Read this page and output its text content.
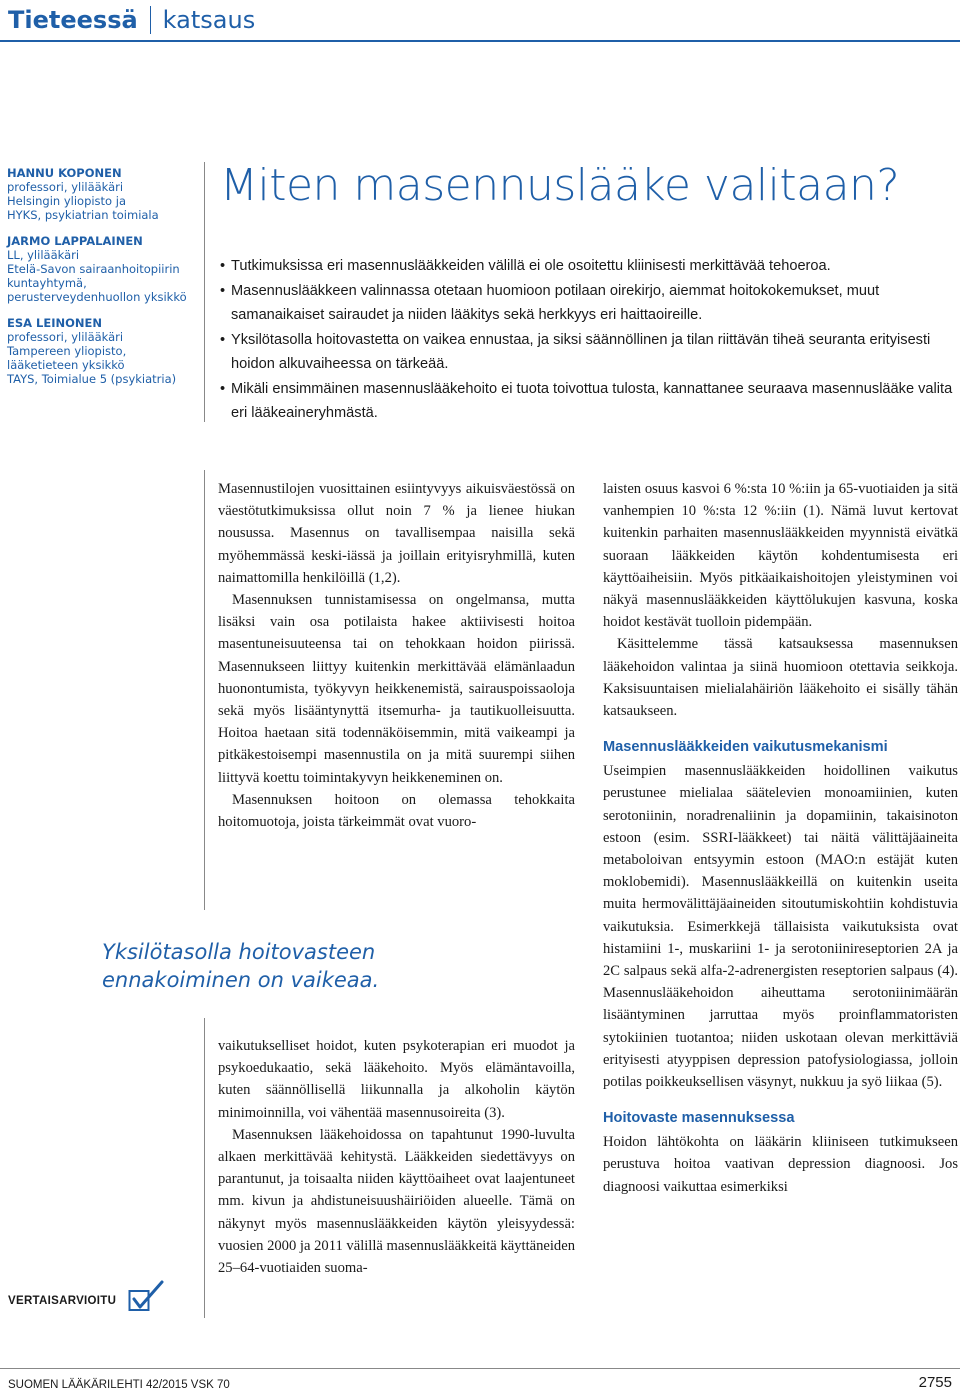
Tieteessä katsaus
HANNU KOPONEN
professori, ylilääkäri
Helsingin yliopisto ja
HYKS, psykiatrian toimiala
JARMO LAPPALAINEN
LL, ylilääkäri
Etelä-Savon sairaanhoitopiirin
kuntayhtymä,
perusterveydenhuollon yksikkö
ESA LEINONEN
professori, ylilääkäri
Tampereen yliopisto,
lääketieteen yksikkö
TAYS, Toimialue 5 (psykiatria)
Miten masennuslääke valitaan?
• Tutkimuksissa eri masennuslääkkeiden välillä ei ole osoitettu kliinisesti merkittävää tehoeroa.
• Masennuslääkkeen valinnassa otetaan huomioon potilaan oirekirjo, aiemmat hoitokokemukset, muut samanaikaiset sairaudet ja niiden lääkitys sekä herkkyys eri haittaoireille.
• Yksilötasolla hoitovastetta on vaikea ennustaa, ja siksi säännöllinen ja tilan riittävän tiheä seuranta erityisesti hoidon alkuvaiheessa on tärkeää.
• Mikäli ensimmäinen masennuslääkehoito ei tuota toivottua tulosta, kannattanee seuraava masennuslääke valita eri lääkeaineryhmästä.

Masennustilojen vuosittainen esiintyvyys aikuisväestössä on väestötutkimuksissa ollut noin 7 % ja lienee hiukan nousussa. Masennus on tavallisempaa naisilla sekä myöhemmässä keski-iässä ja joillain erityisryhmillä, kuten naimattomilla henkilöillä (1,2).

Masennuksen tunnistamisessa on ongelmansa, mutta lisäksi vain osa potilaista hakee aktiivisesti hoitoa masentuneisuuteensa tai on tehokkaan hoidon piirissä. Masennukseen liittyy kuitenkin merkittävää elämänlaadun huonontumista, työkyvyn heikkenemistä, sairauspoissaoloja sekä myös lisääntynyttä itsemurha- ja tautikuolleisuutta. Hoitoa haetaan sitä todennäköisemmin, mitä vaikeampi ja pitkäkestoisempi masennustila on ja mitä suurempi siihen liittyvä koettu toimintakyvyn heikkeneminen on.

Masennuksen hoitoon on olemassa tehokkaita hoitomuotoja, joista tärkeimmät ovat vuoro-

Yksilötasolla hoitovasteen ennakoiminen on vaikeaa.

vaikutukselliset hoidot, kuten psykoterapian eri muodot ja psykoedukaatio, sekä lääkehoito. Myös elämäntavoilla, kuten säännöllisellä liikunnalla ja alkoholin käytön minimoinnilla, voi vähentää masennusoireita (3).

Masennuksen lääkehoidossa on tapahtunut 1990-luvulta alkaen merkittävää kehitystä. Lääkkeiden siedettävyys on parantunut, ja toisaalta niiden käyttöaiheet ovat laajentuneet mm. kivun ja ahdistuneisuushäiriöiden alueelle. Tämä on näkynyt myös masennuslääkkeiden käytön yleisyydessä: vuosien 2000 ja 2011 välillä masennuslääkkeitä käyttäneiden 25–64-vuotiaiden suoma-

laisten osuus kasvoi 6 %:sta 10 %:iin ja 65-vuotiaiden ja sitä vanhempien 10 %:sta 12 %:iin (1). Nämä luvut kertovat kuitenkin parhaiten masennuslääkkeiden myynnistä eivätkä suoraan lääkkeiden käytön kohdentumisesta eri käyttöaiheisiin. Myös pitkäaikaishoitojen yleistyminen voi näkyä masennuslääkkeiden käyttölukujen kasvuna, koska hoidot kestävät tuolloin pidempään.

Käsittelemme tässä katsauksessa masennuksen lääkehoidon valintaa ja siinä huomioon otettavia seikkoja. Kaksisuuntaisen mielialahäiriön lääkehoito ei sisälly tähän katsaukseen.

Masennuslääkkeiden vaikutusmekanismi

Useimpien masennuslääkkeiden hoidollinen vaikutus perustunee mielialaa säätelevien monoamiinien, kuten serotoniinin, noradrenaliinin ja dopamiinin, takaisinoton estoon (esim. SSRI-lääkkeet) tai näitä välittäjäaineita metaboloivan entsyymin estoon (MAO:n estäjät kuten moklobemidi). Masennuslääkkeillä on kuitenkin useita muita hermovälittäjäaineiden sitoutumiskohtiin kohdistuvia vaikutuksia. Esimerkkejä tällaisista vaikutuksista ovat histamiini 1-, muskariini 1- ja serotoniinireseptorien 2A ja 2C salpaus sekä alfa-2-adrenergisten reseptorien salpaus (4). Masennuslääkehoidon aiheuttama serotoniinimäärän lisääntyminen jarruttaa myös proinflammatoristen sytokiinien tuotantoa; niiden uskotaan olevan merkittäviä erityisesti atyyppisen depression patofysiologiassa, jolloin potilas poikkeuksellisen väsynyt, nukkuu ja syö liikaa (5).

Hoitovaste masennuksessa

Hoidon lähtökohta on lääkärin kliiniseen tutkimukseen perustuva hoitoa vaativan depression diagnoosi. Jos diagnoosi vaikuttaa esimerkiksi

VERTAISARVIOITU
SUOMEN LÄÄKÄRILEHTI 42/2015 VSK 70	2755
